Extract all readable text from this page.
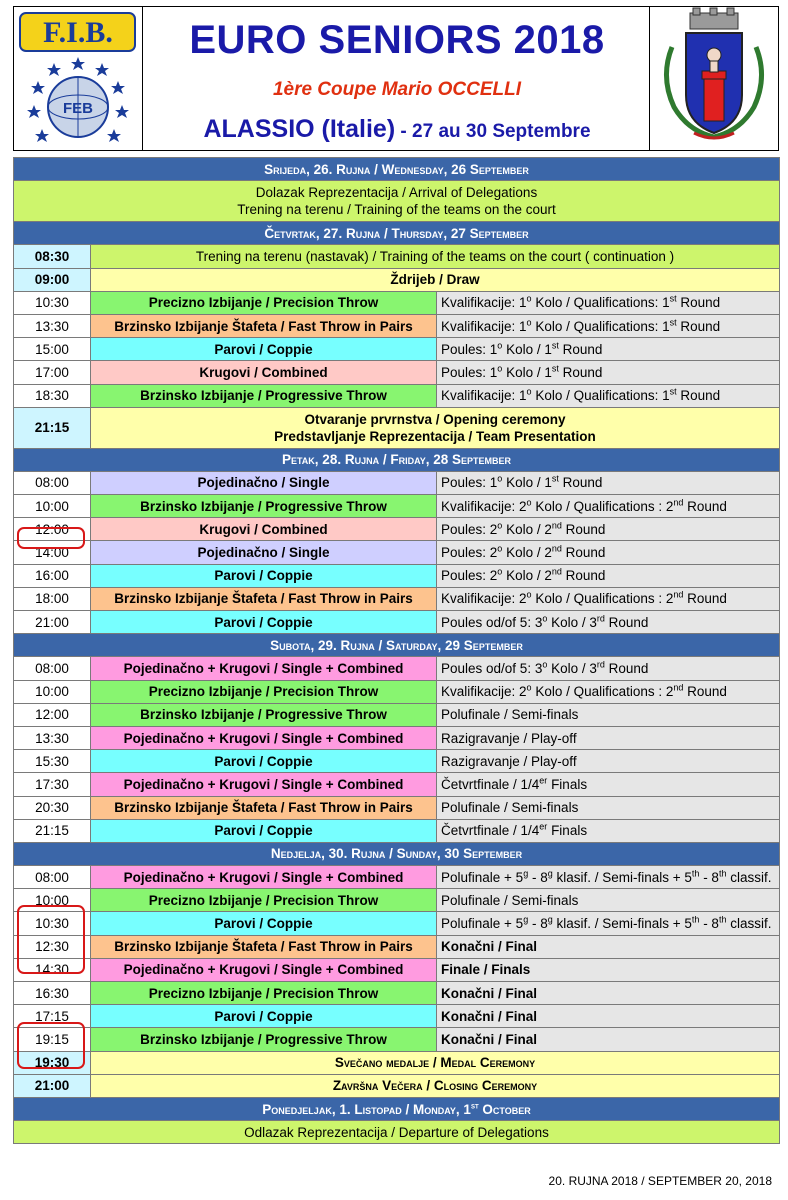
F.I.B.
FEB
EURO SENIORS 2018
1ère Coupe Mario OCCELLI
ALASSIO (Italie) - 27 au 30 Septembre
Srijeda, 26. Rujna / Wednesday, 26 September		

Dolazak Reprezentacija / Arrival of Delegations
Trening na terenu / Training of the teams on the court		

Četvrtak, 27. Rujna / Thursday, 27 September		
08:30	Trening na terenu (nastavak) / Training of the teams on the court ( continuation )	
09:00	Ždrijeb / Draw	
10:30	Precizno Izbijanje / Precision Throw	Kvalifikacije: 1$^o$ Kolo / Qualifications: 1st Round
13:30	Brzinsko Izbijanje Štafeta / Fast Throw in Pairs	Kvalifikacije: 1$^o$ Kolo / Qualifications: 1st Round
15:00	Parovi / Coppie	Poules: 1$^o$ Kolo / 1st Round
17:00	Krugovi / Combined	Poules: 1$^o$ Kolo / 1st Round
18:30	Brzinsko Izbijanje / Progressive Throw	Kvalifikacije: 1$^o$ Kolo / Qualifications: 1st Round
21:15	Otvaranje prvrnstva / Opening ceremony
Predstavljanje Reprezentacija / Team Presentation	

Petak, 28. Rujna / Friday, 28 September		
08:00	Pojedinačno / Single	Poules: 1$^o$ Kolo / 1st Round
10:00	Brzinsko Izbijanje / Progressive Throw	Kvalifikacije: 2$^o$ Kolo / Qualifications : 2nd Round
12:00	Krugovi / Combined	Poules: 2$^o$ Kolo / 2nd Round
14:00	Pojedinačno / Single	Poules: 2$^o$ Kolo / 2nd Round
16:00	Parovi / Coppie	Poules: 2$^o$ Kolo / 2nd Round
18:00	Brzinsko Izbijanje Štafeta / Fast Throw in Pairs	Kvalifikacije: 2$^o$ Kolo / Qualifications : 2nd Round
21:00	Parovi / Coppie	Poules od/of 5: 3$^o$ Kolo / 3rd Round
Subota, 29. Rujna / Saturday, 29 September		
08:00	Pojedinačno + Krugovi / Single + Combined	Poules od/of 5: 3$^o$ Kolo / 3rd Round
10:00	Precizno Izbijanje / Precision Throw	Kvalifikacije: 2$^o$ Kolo / Qualifications : 2nd Round
12:00	Brzinsko Izbijanje / Progressive Throw	Polufinale / Semi-finals
13:30	Pojedinačno + Krugovi / Single + Combined	Razigravanje / Play-off
15:30	Parovi / Coppie	Razigravanje / Play-off
17:30	Pojedinačno + Krugovi / Single + Combined	Četvrtfinale / 1/4er Finals
20:30	Brzinsko Izbijanje Štafeta / Fast Throw in Pairs	Polufinale / Semi-finals
21:15	Parovi / Coppie	Četvrtfinale / 1/4er Finals
Nedjelja, 30. Rujna / Sunday, 30 September		
08:00	Pojedinačno + Krugovi / Single + Combined	Polufinale + $5^g - 8^g$ klasif. / Semi-finals + 5th - 8th classif.
10:00	Precizno Izbijanje / Precision Throw	Polufinale / Semi-finals
10:30	Parovi / Coppie	Polufinale + $5^g - 8^g$ klasif. / Semi-finals + 5th - 8th classif.
12:30	Brzinsko Izbijanje Štafeta / Fast Throw in Pairs	Konačni / Final
14:30	Pojedinačno + Krugovi / Single + Combined	Finale / Finals
16:30	Precizno Izbijanje / Precision Throw	Konačni / Final
17:15	Parovi / Coppie	Konačni / Final
19:15	Brzinsko Izbijanje / Progressive Throw	Konačni / Final
19:30	Svečano medalje / Medal Ceremony	
21:00	Završna Večera / Closing Ceremony	
Ponedjeljak, 1. Listopad / Monday, 1st October		
Odlazak Reprezentacija / Departure of Delegations		
20. RUJNA 2018 / SEPTEMBER 20, 2018
